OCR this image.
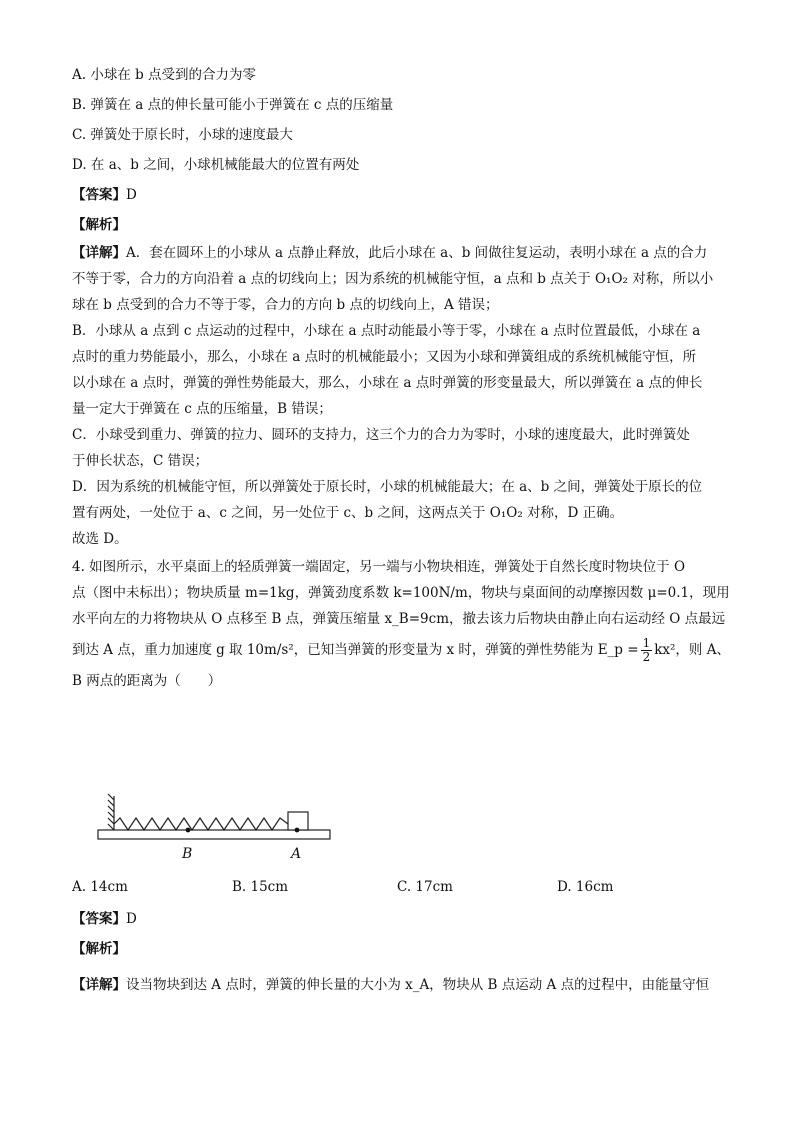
A. 小球在 b 点受到的合力为零
B. 弹簧在 a 点的伸长量可能小于弹簧在 c 点的压缩量
C. 弹簧处于原长时，小球的速度最大
D. 在 a、b 之间，小球机械能最大的位置有两处
【答案】D
【解析】
【详解】A．套在圆环上的小球从 a 点静止释放，此后小球在 a、b 间做往复运动，表明小球在 a 点的合力
不等于零，合力的方向沿着 a 点的切线向上；因为系统的机械能守恒，a 点和 b 点关于 O₁O₂ 对称，所以小
球在 b 点受到的合力不等于零，合力的方向 b 点的切线向上，A 错误；
B．小球从 a 点到 c 点运动的过程中，小球在 a 点时动能最小等于零，小球在 a 点时位置最低，小球在 a
点时的重力势能最小，那么，小球在 a 点时的机械能最小；又因为小球和弹簧组成的系统机械能守恒，所
以小球在 a 点时，弹簧的弹性势能最大，那么，小球在 a 点时弹簧的形变量最大，所以弹簧在 a 点的伸长
量一定大于弹簧在 c 点的压缩量，B 错误；
C．小球受到重力、弹簧的拉力、圆环的支持力，这三个力的合力为零时，小球的速度最大，此时弹簧处
于伸长状态，C 错误；
D．因为系统的机械能守恒，所以弹簧处于原长时，小球的机械能最大；在 a、b 之间，弹簧处于原长的位
置有两处，一处位于 a、c 之间，另一处位于 c、b 之间，这两点关于 O₁O₂ 对称，D 正确。
故选 D。
4. 如图所示，水平桌面上的轻质弹簧一端固定，另一端与小物块相连，弹簧处于自然长度时物块位于 O
点（图中未标出）；物块质量 m=1kg，弹簧劲度系数 k=100N/m，物块与桌面间的动摩擦因数 μ=0.1，现用
水平向左的力将物块从 O 点移至 B 点，弹簧压缩量 x_B=9cm，撤去该力后物块由静止向右运动经 O 点最远
到达 A 点，重力加速度 g 取 10m/s²，已知当弹簧的形变量为 x 时，弹簧的弹性势能为 E_p = $\frac{1}{2} kx^2$，则 A、
B 两点的距离为（　　）
B	A
A. 14cm	B. 15cm	C. 17cm	D. 16cm
【答案】D
【解析】
【详解】设当物块到达 A 点时，弹簧的伸长量的大小为 x_A，物块从 B 点运动 A 点的过程中，由能量守恒
